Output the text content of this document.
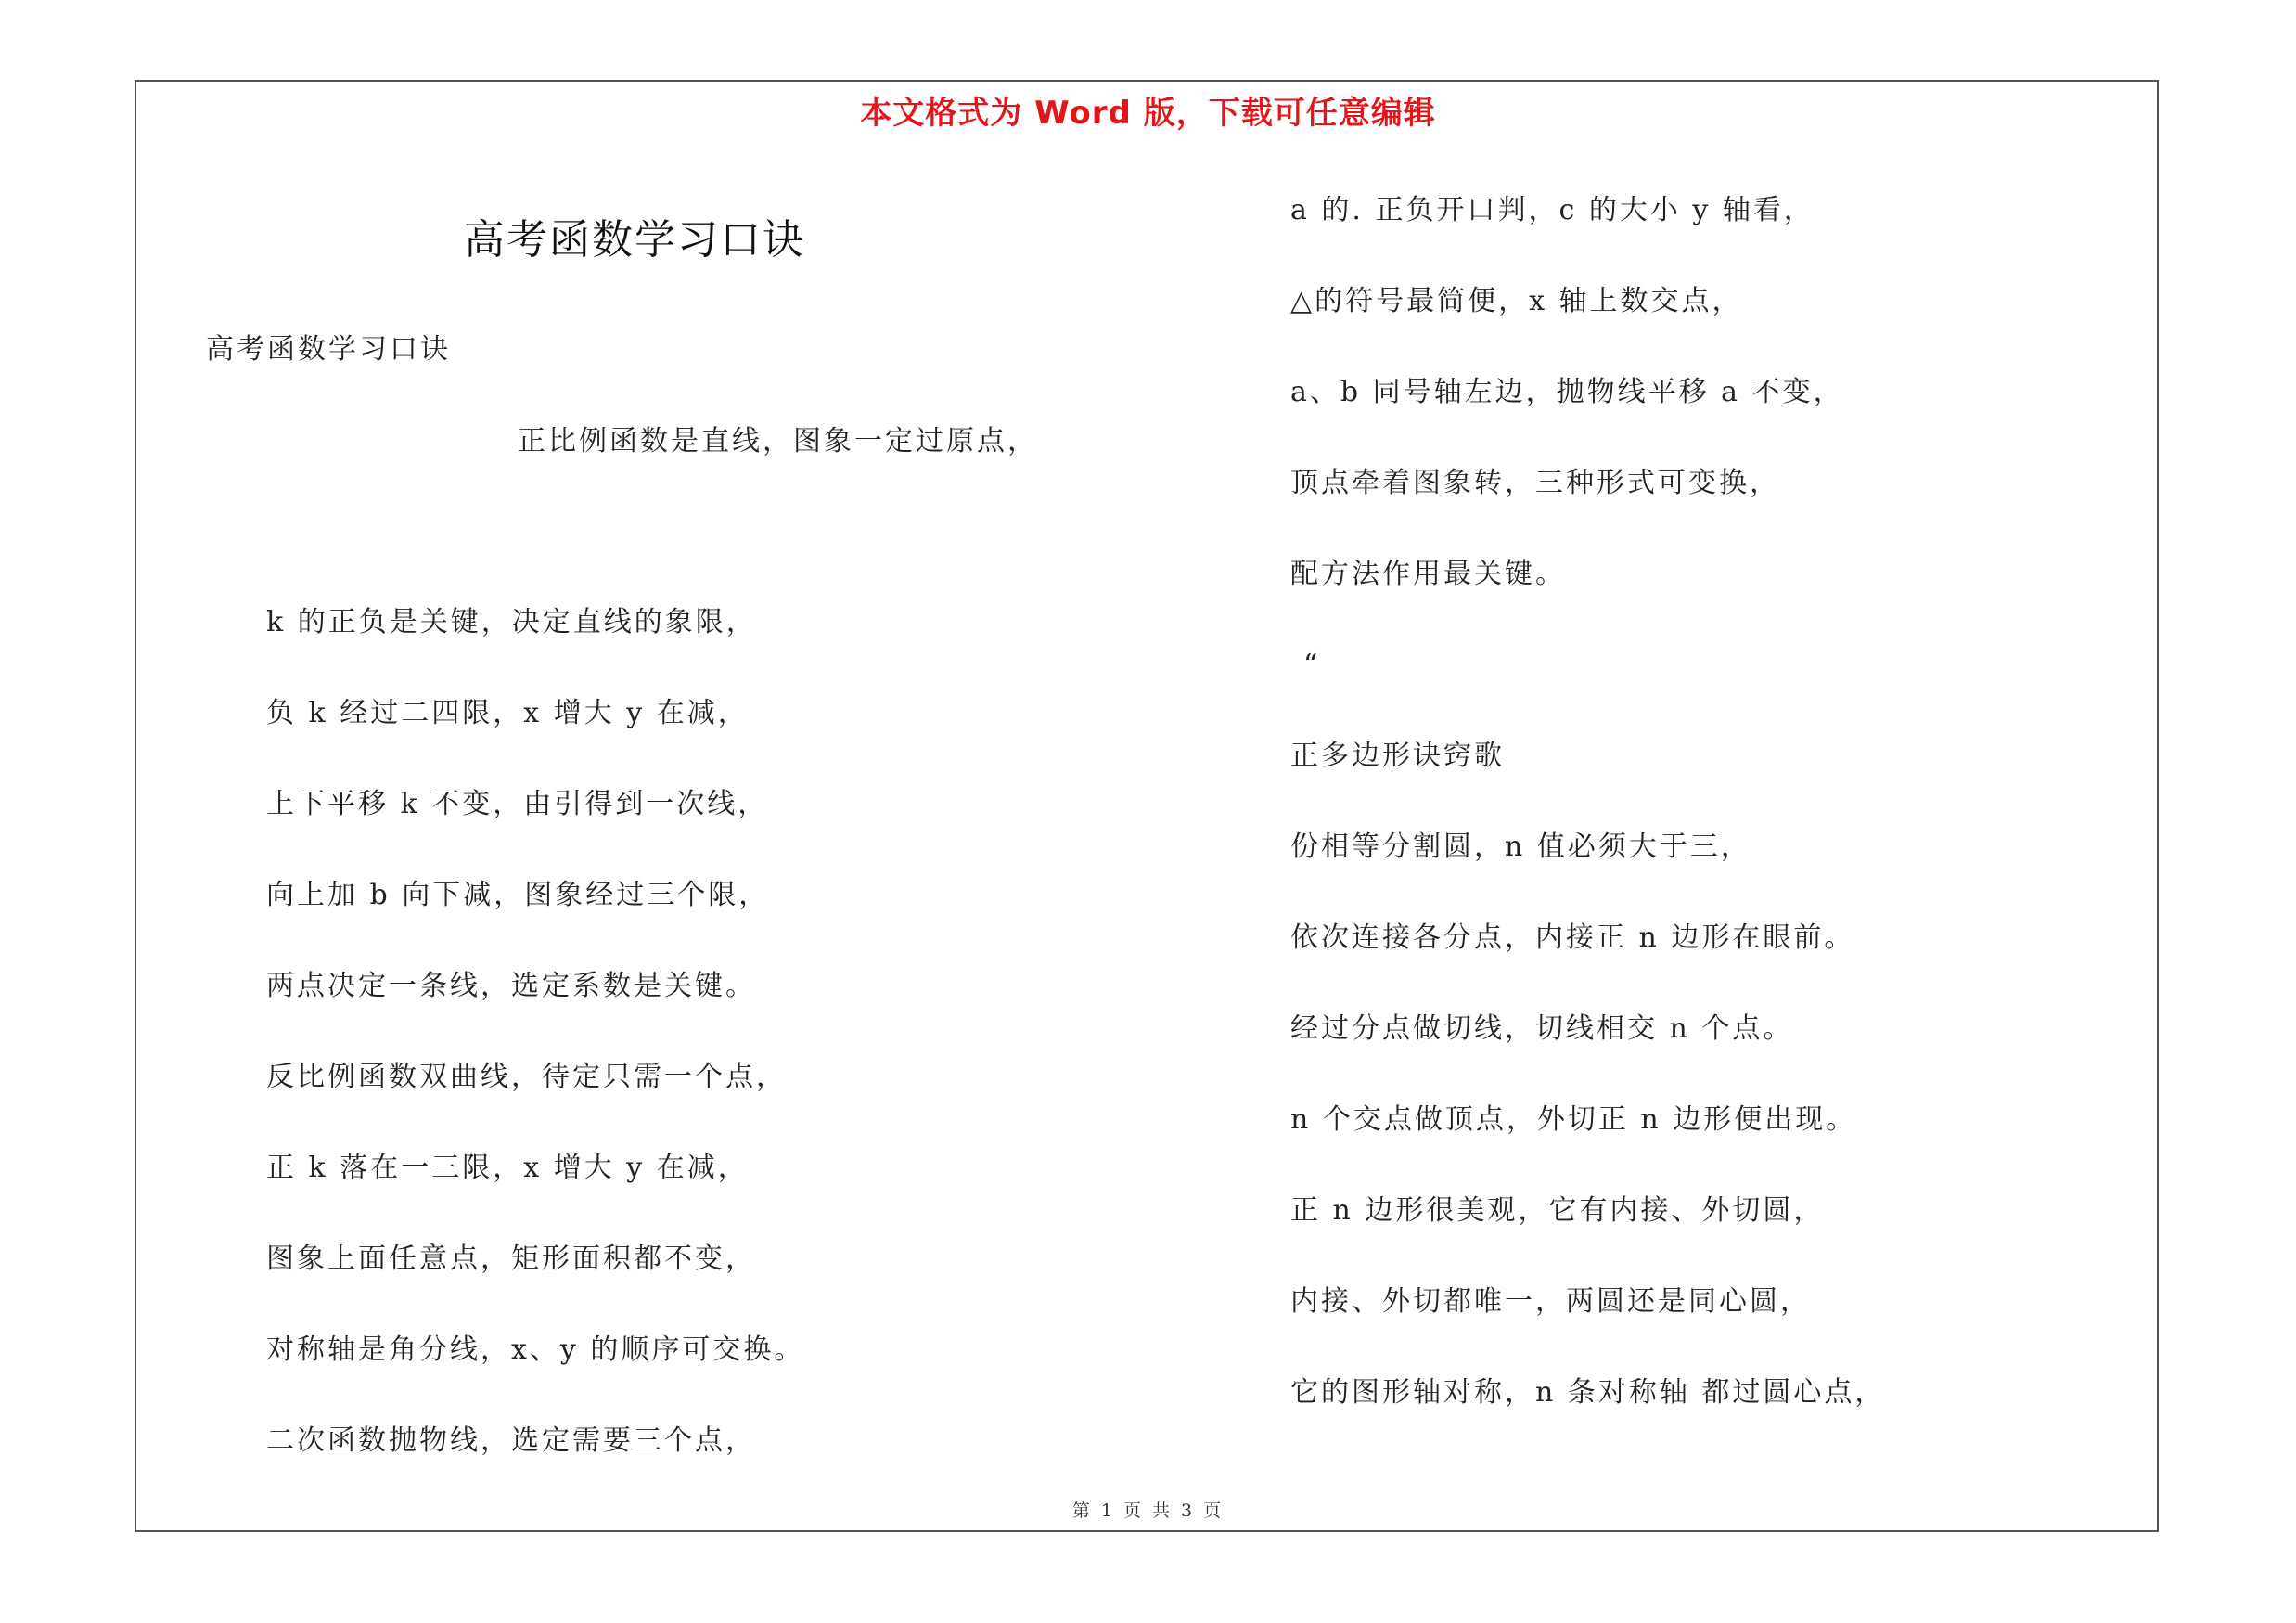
本文格式为 Word 版，下载可任意编辑
高考函数学习口诀
高考函数学习口诀
正比例函数是直线，图象一定过原点，
k 的正负是关键，决定直线的象限，
负 k 经过二四限，x 增大 y 在减，
上下平移 k 不变，由引得到一次线，
向上加 b 向下减，图象经过三个限，
两点决定一条线，选定系数是关键。
反比例函数双曲线，待定只需一个点，
正 k 落在一三限，x 增大 y 在减，
图象上面任意点，矩形面积都不变，
对称轴是角分线，x、y 的顺序可交换。
二次函数抛物线，选定需要三个点，
a 的. 正负开口判，c 的大小 y 轴看，
△的符号最简便，x 轴上数交点，
a、b 同号轴左边，抛物线平移 a 不变，
顶点牵着图象转，三种形式可变换，
配方法作用最关键。
“
正多边形诀窍歌
份相等分割圆，n 值必须大于三，
依次连接各分点，内接正 n 边形在眼前。
经过分点做切线，切线相交 n 个点。
n 个交点做顶点，外切正 n 边形便出现。
正 n 边形很美观，它有内接、外切圆，
内接、外切都唯一，两圆还是同心圆，
它的图形轴对称，n 条对称轴 都过圆心点，
第 1 页 共 3 页
